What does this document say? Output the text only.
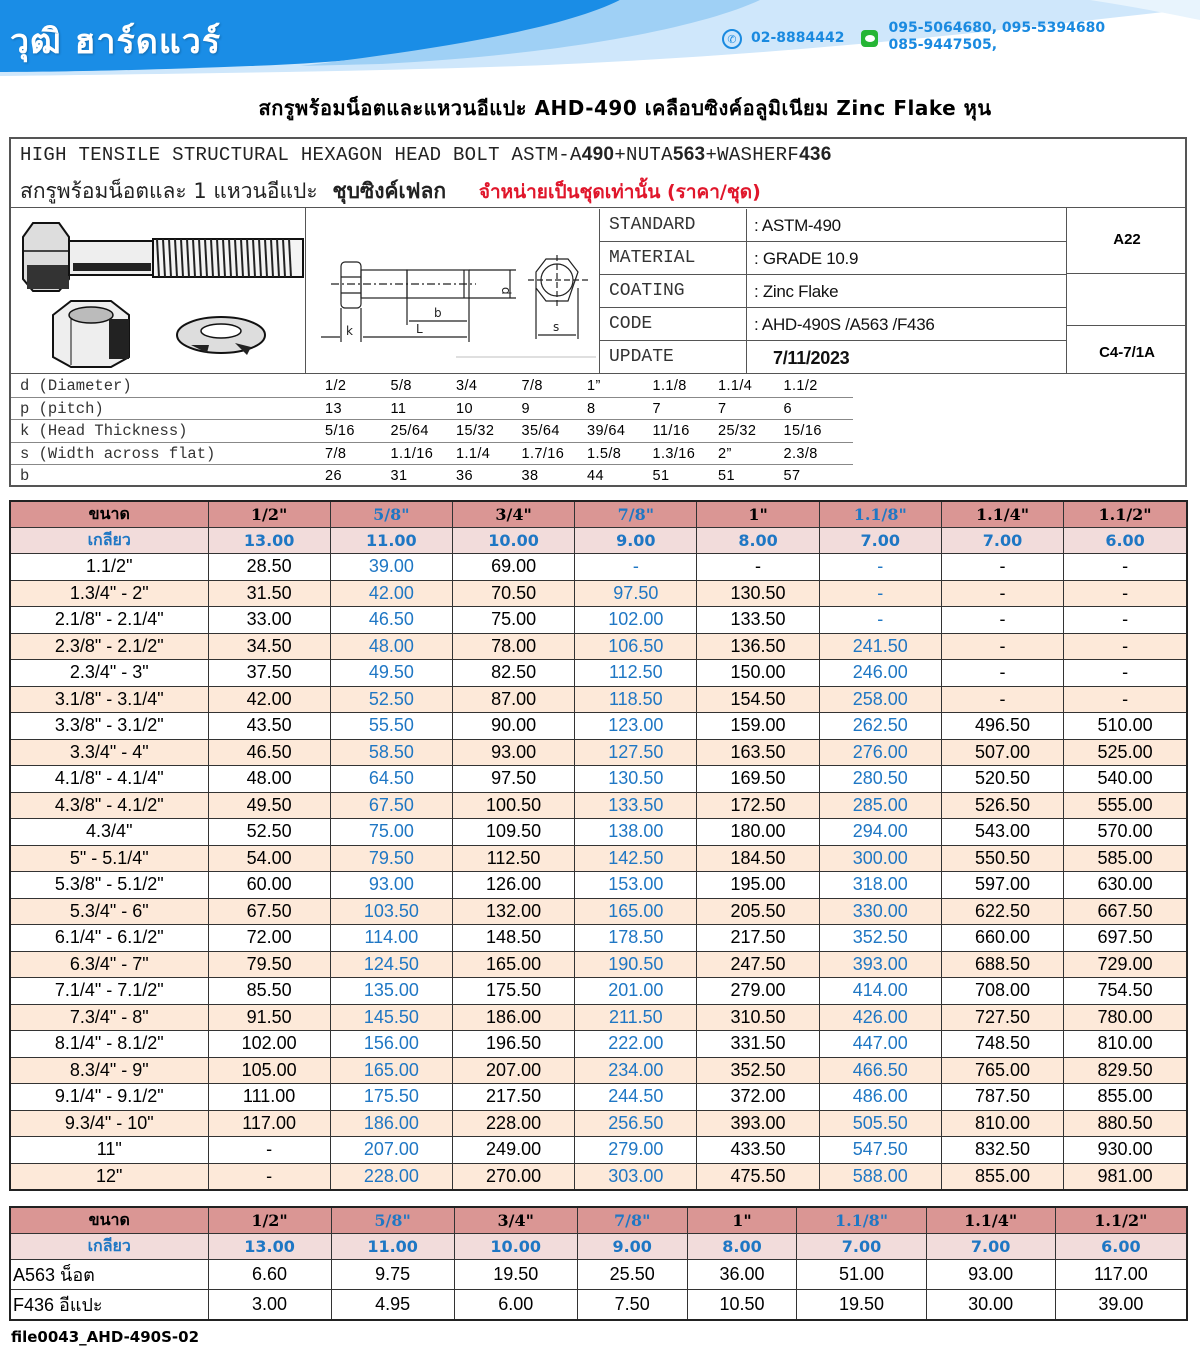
วุฒิ ฮาร์ดแวร์	✆	02-8884442
095-5064680, 095-5394680
085-9447505,
สกรูพร้อมน็อตและแหวนอีแปะ AHD-490 เคลือบซิงค์อลูมิเนียม Zinc Flake หุน
HIGH TENSILE STRUCTURAL HEXAGON HEAD BOLT ASTM-A490+NUTA563+WASHERF436
สกรูพร้อมน็อตและ 1 แหวนอีแปะ ชุบซิงค์เฟลก จำหน่ายเป็นชุดเท่านั้น (ราคา/ชุด)
k	L
b
d
s
STANDARD	: ASTM-490
MATERIAL	: GRADE 10.9
COATING	: Zinc Flake
CODE	: AHD-490S /A563 /F436
UPDATE	7/11/2023
A22
C4-7/1A
d (Diameter)	1/2	5/8	3/4	7/8	1”	1.1/8	1.1/4	1.1/2
p (pitch)	13	11	10	9	8	7	7	6
k (Head Thickness)	5/16	25/64	15/32	35/64	39/64	11/16	25/32	15/16
s (Width across flat)	7/8	1.1/16	1.1/4	1.7/16	1.5/8	1.3/16	2”	2.3/8
b	26	31	36	38	44	51	51	57
ขนาด	1/2"	5/8"	3/4"	7/8"	1"	1.1/8"	1.1/4"	1.1/2"
เกลียว	13.00	11.00	10.00	9.00	8.00	7.00	7.00	6.00
1.1/2"	28.50	39.00	69.00	-	-	-	-	-
1.3/4" - 2"	31.50	42.00	70.50	97.50	130.50	-	-	-
2.1/8" - 2.1/4"	33.00	46.50	75.00	102.00	133.50	-	-	-
2.3/8" - 2.1/2"	34.50	48.00	78.00	106.50	136.50	241.50	-	-
2.3/4" - 3"	37.50	49.50	82.50	112.50	150.00	246.00	-	-
3.1/8" - 3.1/4"	42.00	52.50	87.00	118.50	154.50	258.00	-	-
3.3/8" - 3.1/2"	43.50	55.50	90.00	123.00	159.00	262.50	496.50	510.00
3.3/4" - 4"	46.50	58.50	93.00	127.50	163.50	276.00	507.00	525.00
4.1/8" - 4.1/4"	48.00	64.50	97.50	130.50	169.50	280.50	520.50	540.00
4.3/8" - 4.1/2"	49.50	67.50	100.50	133.50	172.50	285.00	526.50	555.00
4.3/4"	52.50	75.00	109.50	138.00	180.00	294.00	543.00	570.00
5" - 5.1/4"	54.00	79.50	112.50	142.50	184.50	300.00	550.50	585.00
5.3/8" - 5.1/2"	60.00	93.00	126.00	153.00	195.00	318.00	597.00	630.00
5.3/4" - 6"	67.50	103.50	132.00	165.00	205.50	330.00	622.50	667.50
6.1/4" - 6.1/2"	72.00	114.00	148.50	178.50	217.50	352.50	660.00	697.50
6.3/4" - 7"	79.50	124.50	165.00	190.50	247.50	393.00	688.50	729.00
7.1/4" - 7.1/2"	85.50	135.00	175.50	201.00	279.00	414.00	708.00	754.50
7.3/4" - 8"	91.50	145.50	186.00	211.50	310.50	426.00	727.50	780.00
8.1/4" - 8.1/2"	102.00	156.00	196.50	222.00	331.50	447.00	748.50	810.00
8.3/4" - 9"	105.00	165.00	207.00	234.00	352.50	466.50	765.00	829.50
9.1/4" - 9.1/2"	111.00	175.50	217.50	244.50	372.00	486.00	787.50	855.00
9.3/4" - 10"	117.00	186.00	228.00	256.50	393.00	505.50	810.00	880.50
11"	-	207.00	249.00	279.00	433.50	547.50	832.50	930.00
12"	-	228.00	270.00	303.00	475.50	588.00	855.00	981.00
ขนาด	1/2"	5/8"	3/4"	7/8"	1"	1.1/8"	1.1/4"	1.1/2"
เกลียว	13.00	11.00	10.00	9.00	8.00	7.00	7.00	6.00
A563 น็อต	6.60	9.75	19.50	25.50	36.00	51.00	93.00	117.00
F436 อีแปะ	3.00	4.95	6.00	7.50	10.50	19.50	30.00	39.00
file0043_AHD-490S-02
